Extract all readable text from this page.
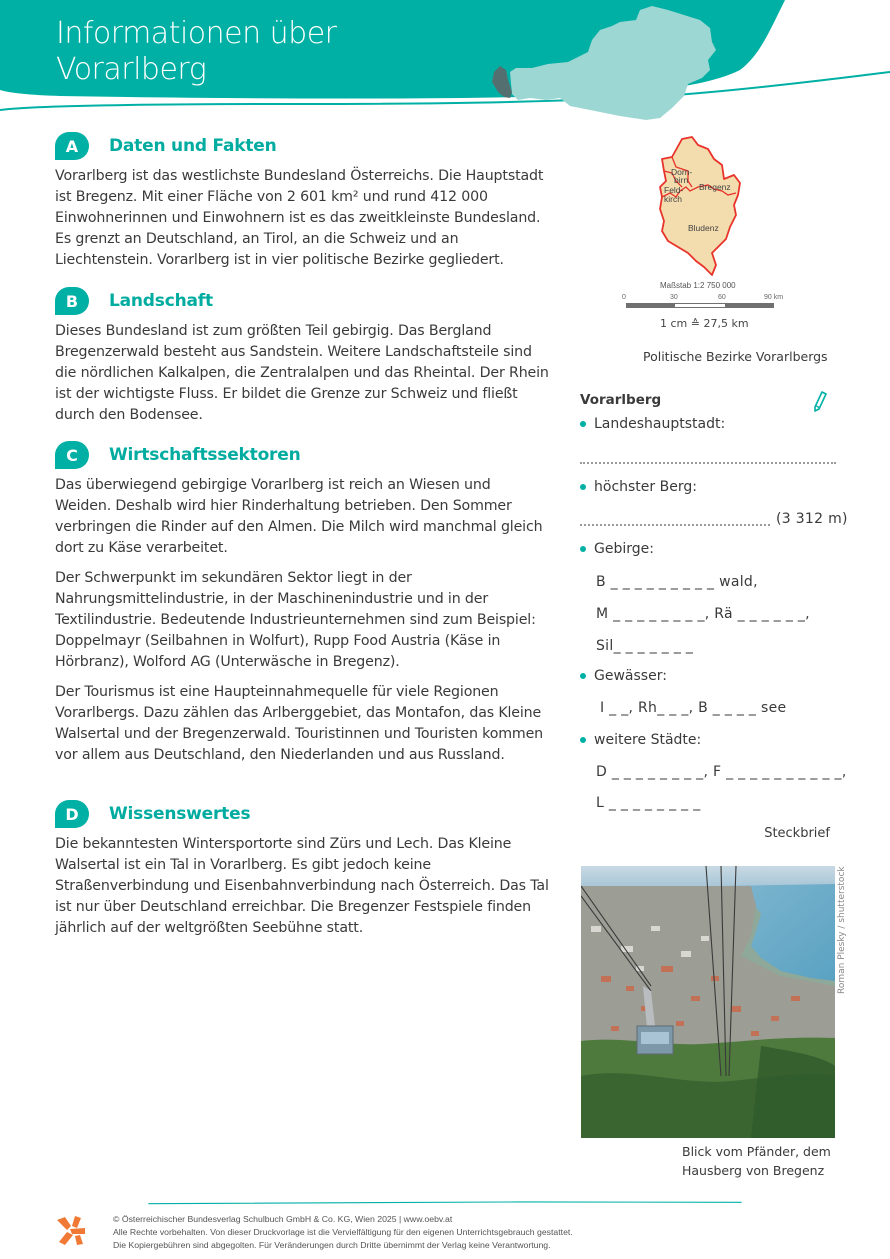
Informationen über
Vorarlberg
A	Daten und Fakten

Vorarlberg ist das westlichste Bundesland Österreichs. Die Hauptstadt ist Bregenz. Mit einer Fläche von 2 601 km² und rund 412 000 Einwohnerinnen und Einwohnern ist es das zweitkleinste Bundesland. Es grenzt an Deutschland, an Tirol, an die Schweiz und an Liechtenstein. Vorarlberg ist in vier politische Bezirke gegliedert.

B	Landschaft

Dieses Bundesland ist zum größten Teil gebirgig. Das Bergland Bregenzerwald besteht aus Sandstein. Weitere Landschaftsteile sind die nördlichen Kalkalpen, die Zentralalpen und das Rheintal. Der Rhein ist der wichtigste Fluss. Er bildet die Grenze zur Schweiz und fließt durch den Bodensee.

C	Wirtschaftssektoren

Das überwiegend gebirgige Vorarlberg ist reich an Wiesen und Weiden. Deshalb wird hier Rinderhaltung betrieben. Den Sommer verbringen die Rinder auf den Almen. Die Milch wird manchmal gleich dort zu Käse verarbeitet.

Der Schwerpunkt im sekundären Sektor liegt in der Nahrungsmittelindustrie, in der Maschinenindustrie und in der Textilindustrie. Bedeutende Industrieunternehmen sind zum Beispiel: Doppelmayr (Seilbahnen in Wolfurt), Rupp Food Austria (Käse in Hörbranz), Wolford AG (Unterwäsche in Bregenz).

Der Tourismus ist eine Haupteinnahmequelle für viele Regionen Vorarlbergs. Dazu zählen das Arlberggebiet, das Montafon, das Kleine Walsertal und der Bregenzerwald. Touristinnen und Touristen kommen vor allem aus Deutschland, den Niederlanden und aus Russland.

D	Wissenswertes

Die bekanntesten Wintersportorte sind Zürs und Lech. Das Kleine Walsertal ist ein Tal in Vorarlberg. Es gibt jedoch keine Straßenverbindung und Eisenbahnverbindung nach Österreich. Das Tal ist nur über Deutschland erreichbar. Die Bregenzer Festspiele finden jährlich auf der weltgrößten Seebühne statt.

Dorn-
birn
Feld-
kirch
Bregenz
Bludenz
Maßstab 1:2 750 000
0	30	60	90 km
1 cm ≙ 27,5 km
Politische Bezirke Vorarlbergs
Vorarlberg
Landeshauptstadt:
höchster Berg:
(3 312 m)
Gebirge:
B _ _ _ _ _ _ _ _ _ wald,
M _ _ _ _ _ _ _ _, Rä _ _ _ _ _ _,
Sil_ _ _ _ _ _ _
Gewässer:
I _ _, Rh_ _ _, B _ _ _ _ see
weitere Städte:
D _ _ _ _ _ _ _ _, F _ _ _ _ _ _ _ _ _ _,
L _ _ _ _ _ _ _ _
Steckbrief
Roman Plesky / shutterstock
Blick vom Pfänder, dem
Hausberg von Bregenz
© Österreichischer Bundesverlag Schulbuch GmbH & Co. KG, Wien 2025 | www.oebv.at
Alle Rechte vorbehalten. Von dieser Druckvorlage ist die Vervielfältigung für den eigenen Unterrichtsgebrauch gestattet.
Die Kopiergebühren sind abgegolten. Für Veränderungen durch Dritte übernimmt der Verlag keine Verantwortung.
